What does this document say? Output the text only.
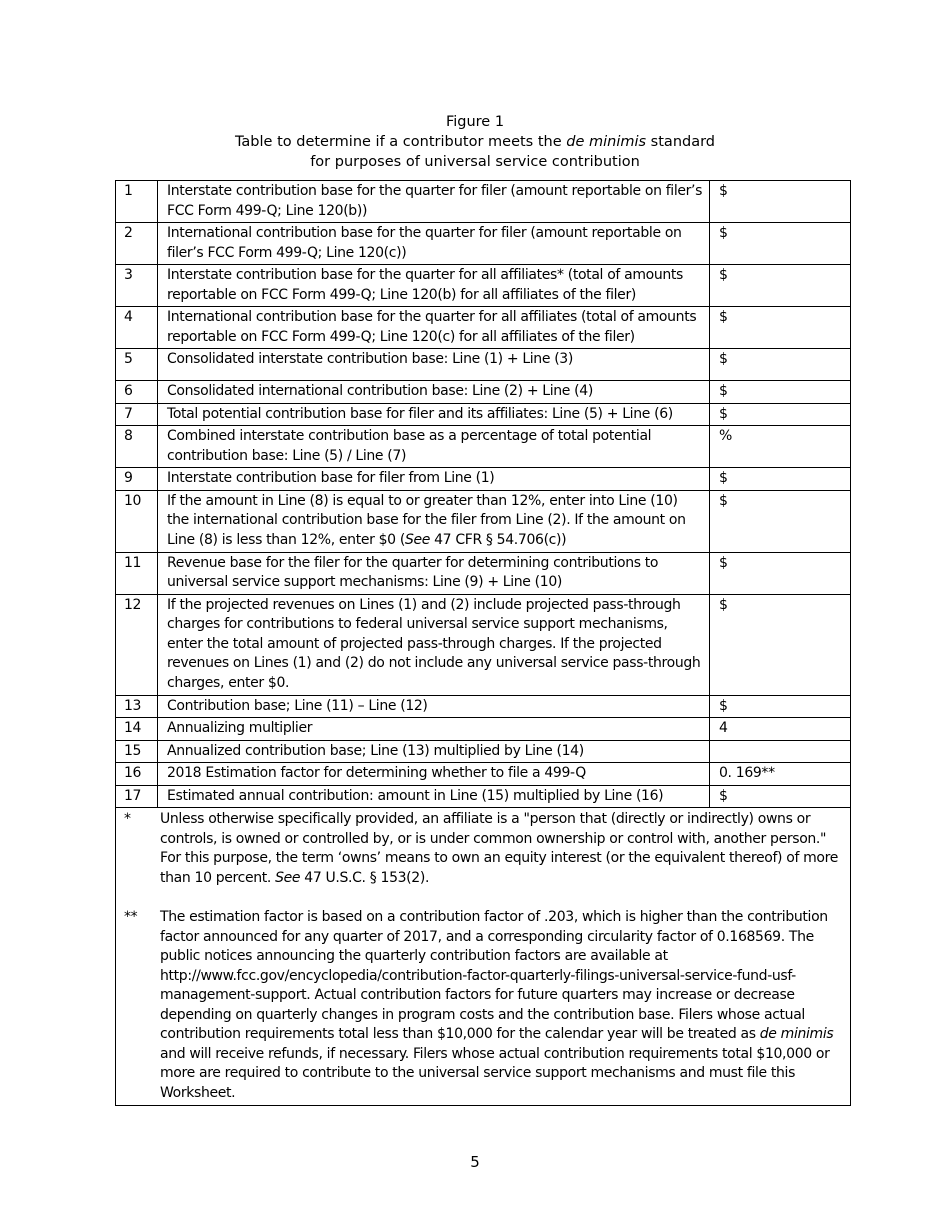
Figure 1
Table to determine if a contributor meets the de minimis standard
for purposes of universal service contribution
1	Interstate contribution base for the quarter for filer (amount reportable on filer’s FCC Form 499-Q; Line 120(b))	$
2	International contribution base for the quarter for filer (amount reportable on filer’s FCC Form 499-Q; Line 120(c))	$
3	Interstate contribution base for the quarter for all affiliates* (total of amounts reportable on FCC Form 499-Q; Line 120(b) for all affiliates of the filer)	$
4	International contribution base for the quarter for all affiliates (total of amounts reportable on FCC Form 499-Q; Line 120(c) for all affiliates of the filer)	$
5	Consolidated interstate contribution base: Line (1) + Line (3)	$
6	Consolidated international contribution base: Line (2) + Line (4)	$
7	Total potential contribution base for filer and its affiliates: Line (5) + Line (6)	$
8	Combined interstate contribution base as a percentage of total potential contribution base: Line (5) / Line (7)	%
9	Interstate contribution base for filer from Line (1)	$
10	If the amount in Line (8) is equal to or greater than 12%, enter into Line (10) the international contribution base for the filer from Line (2). If the amount on Line (8) is less than 12%, enter $0 (See 47 CFR § 54.706(c))	$
11	Revenue base for the filer for the quarter for determining contributions to universal service support mechanisms: Line (9) + Line (10)	$
12	If the projected revenues on Lines (1) and (2) include projected pass-through charges for contributions to federal universal service support mechanisms, enter the total amount of projected pass-through charges. If the projected revenues on Lines (1) and (2) do not include any universal service pass-through charges, enter $0.	$
13	Contribution base; Line (11) – Line (12)	$
14	Annualizing multiplier	4
15	Annualized contribution base; Line (13) multiplied by Line (14)	
16	2018 Estimation factor for determining whether to file a 499-Q	0. 169**
17	Estimated annual contribution: amount in Line (15) multiplied by Line (16)	$

* Unless otherwise specifically provided, an affiliate is a "person that (directly or indirectly) owns or controls, is owned or controlled by, or is under common ownership or control with, another person." For this purpose, the term ‘owns’ means to own an equity interest (or the equivalent thereof) of more than 10 percent. See 47 U.S.C. § 153(2).
** The estimation factor is based on a contribution factor of .203, which is higher than the contribution factor announced for any quarter of 2017, and a corresponding circularity factor of 0.168569. The public notices announcing the quarterly contribution factors are available at http://www.fcc.gov/encyclopedia/contribution-factor-quarterly-filings-universal-service-fund-usf-management-support. Actual contribution factors for future quarters may increase or decrease depending on quarterly changes in program costs and the contribution base. Filers whose actual contribution requirements total less than $10,000 for the calendar year will be treated as de minimis and will receive refunds, if necessary. Filers whose actual contribution requirements total $10,000 or more are required to contribute to the universal service support mechanisms and must file this Worksheet.		
5
